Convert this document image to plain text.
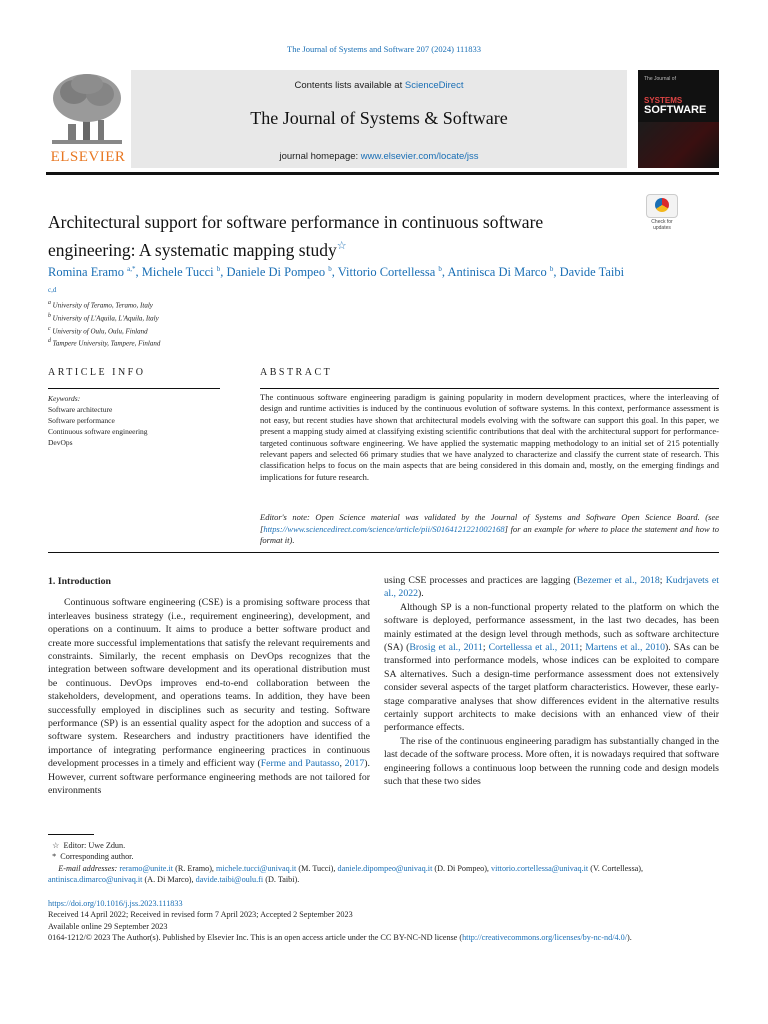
The Journal of Systems and Software 207 (2024) 111833
ELSEVIER
Contents lists available at ScienceDirect
The Journal of Systems & Software
journal homepage: www.elsevier.com/locate/jss
The Journal of
SYSTEMS
SOFTWARE
Check for updates
Architectural support for software performance in continuous software
engineering: A systematic mapping study☆
Romina Eramo $^{a,*}$, Michele Tucci $^b$, Daniele Di Pompeo $^b$, Vittorio Cortellessa $^b$, Antinisca Di Marco $^b$, Davide Taibi $^{c,d}$
$^a$ University of Teramo, Teramo, Italy
$^b$ University of L'Aquila, L'Aquila, Italy
$^c$ University of Oulu, Oulu, Finland
$^d$ Tampere University, Tampere, Finland
ARTICLE INFO	ABSTRACT
Keywords:
Software architecture
Software performance
Continuous software engineering
DevOps
The continuous software engineering paradigm is gaining popularity in modern development practices, where the interleaving of design and runtime activities is induced by the continuous evolution of software systems. In this context, performance assessment is not easy, but recent studies have shown that architectural models evolving with the software can support this goal. In this paper, we present a mapping study aimed at classifying existing scientific contributions that deal with the architectural support for performance-targeted continuous software engineering. We have applied the systematic mapping methodology to an initial set of 215 potentially relevant papers and selected 66 primary studies that we have analyzed to characterize and classify the current state of research. This classification helps to focus on the main aspects that are being considered in this domain and, mostly, on the emerging findings and implications for future research.
Editor's note: Open Science material was validated by the Journal of Systems and Software Open Science Board. (see [https://www.sciencedirect.com/science/article/pii/S0164121221002168] for an example for where to place the statement and how to format it).
1. Introduction

Continuous software engineering (CSE) is a promising software process that interleaves business strategy (i.e., requirement engineering), development, and operations on a continuum. It aims to produce a better software product and create more successful implementations that satisfy the relevant requirements and constraints. Similarly, the recent emphasis on DevOps recognizes that the integration between software development and its operational distribution must be continuous. DevOps improves end-to-end collaboration between the stakeholders, development, and operations teams. In addition, they have been successfully employed in disciplines such as security and testing. Software performance (SP) is an essential quality aspect for the adoption and success of a software system. Researchers and industry practitioners have identified the importance of integrating performance engineering practices in continuous development processes in a timely and efficient way (Ferme and Pautasso, 2017). However, current software performance engineering methods are not tailored for environments

using CSE processes and practices are lagging (Bezemer et al., 2018; Kudrjavets et al., 2022).

Although SP is a non-functional property related to the platform on which the software is deployed, performance assessment, in the last two decades, has been mainly estimated at the design level through methods, such as software architecture (SA) (Brosig et al., 2011; Cortellessa et al., 2011; Martens et al., 2010). SAs can be transformed into performance models, whose indices can be exploited to compare SA alternatives. Such a design-time performance assessment does not extensively consider several aspects of the target platform characteristics. However, these early-stage comparative analyses that show differences evident in the alternative results certainly support architects to make decisions with an enhanced view of their performance effects.

The rise of the continuous engineering paradigm has substantially changed in the last decade of the software process. More often, it is nowadays required that software engineering follows a continuous loop between the running code and design models such that these two sides

☆ Editor: Uwe Zdun.
* Corresponding author.
E-mail addresses: reramo@unite.it (R. Eramo), michele.tucci@univaq.it (M. Tucci), daniele.dipompeo@univaq.it (D. Di Pompeo), vittorio.cortellessa@univaq.it (V. Cortellessa), antinisca.dimarco@univaq.it (A. Di Marco), davide.taibi@oulu.fi (D. Taibi).
https://doi.org/10.1016/j.jss.2023.111833
Received 14 April 2022; Received in revised form 7 April 2023; Accepted 2 September 2023
Available online 29 September 2023
0164-1212/© 2023 The Author(s). Published by Elsevier Inc. This is an open access article under the CC BY-NC-ND license (http://creativecommons.org/licenses/by-nc-nd/4.0/).
